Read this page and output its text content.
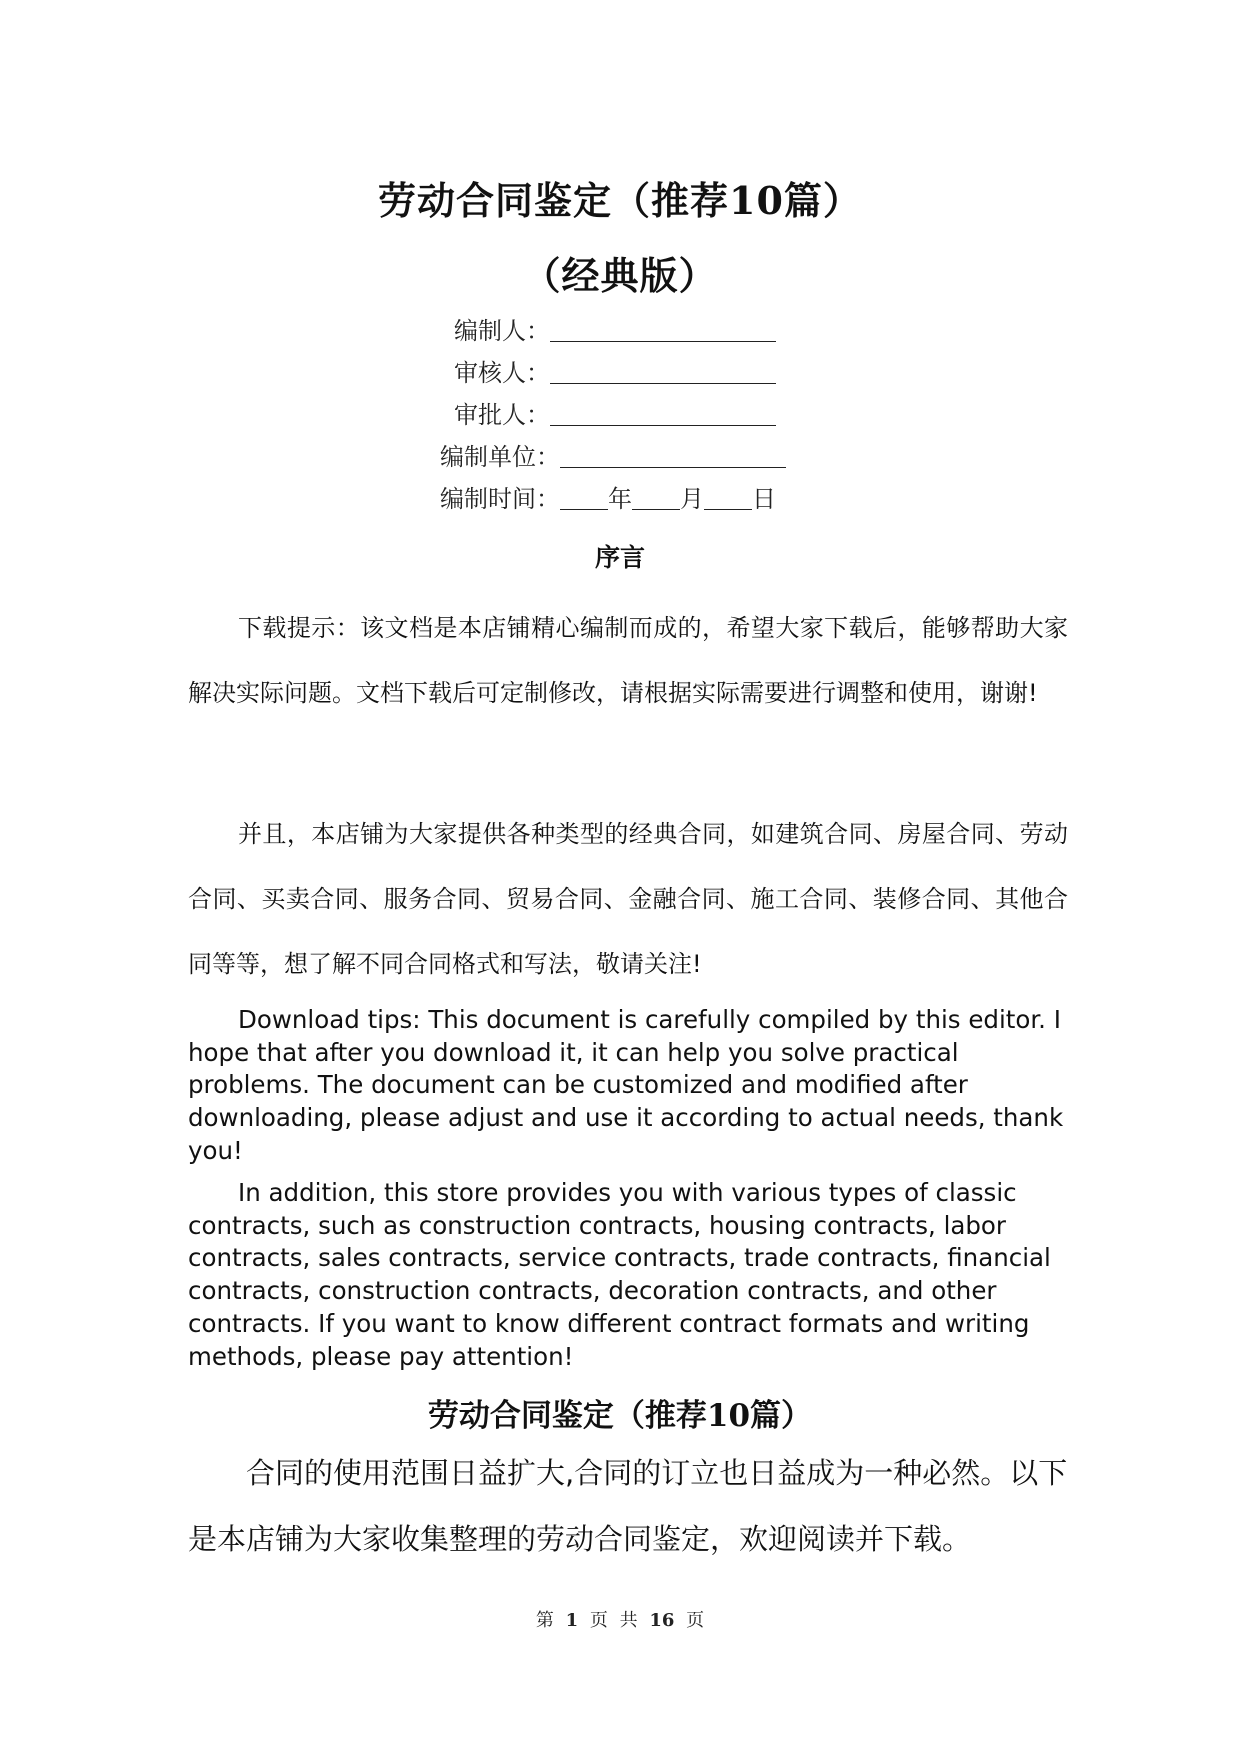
劳动合同鉴定（推荐10篇）
（经典版）
编制人：
审核人：
审批人：
编制单位：
编制时间： 年 月 日
序言

下载提示：该文档是本店铺精心编制而成的，希望大家下载后，能够帮助大家解决实际问题。文档下载后可定制修改，请根据实际需要进行调整和使用，谢谢!

并且，本店铺为大家提供各种类型的经典合同，如建筑合同、房屋合同、劳动合同、买卖合同、服务合同、贸易合同、金融合同、施工合同、装修合同、其他合同等等，想了解不同合同格式和写法，敬请关注!

Download tips: This document is carefully compiled by this editor. I hope that after you download it, it can help you solve practical problems. The document can be customized and modified after downloading, please adjust and use it according to actual needs, thank you!

In addition, this store provides you with various types of classic contracts, such as construction contracts, housing contracts, labor contracts, sales contracts, service contracts, trade contracts, financial contracts, construction contracts, decoration contracts, and other contracts. If you want to know different contract formats and writing methods, please pay attention!

劳动合同鉴定（推荐10篇）

合同的使用范围日益扩大,合同的订立也日益成为一种必然。以下是本店铺为大家收集整理的劳动合同鉴定，欢迎阅读并下载。

第 1 页 共 16 页
